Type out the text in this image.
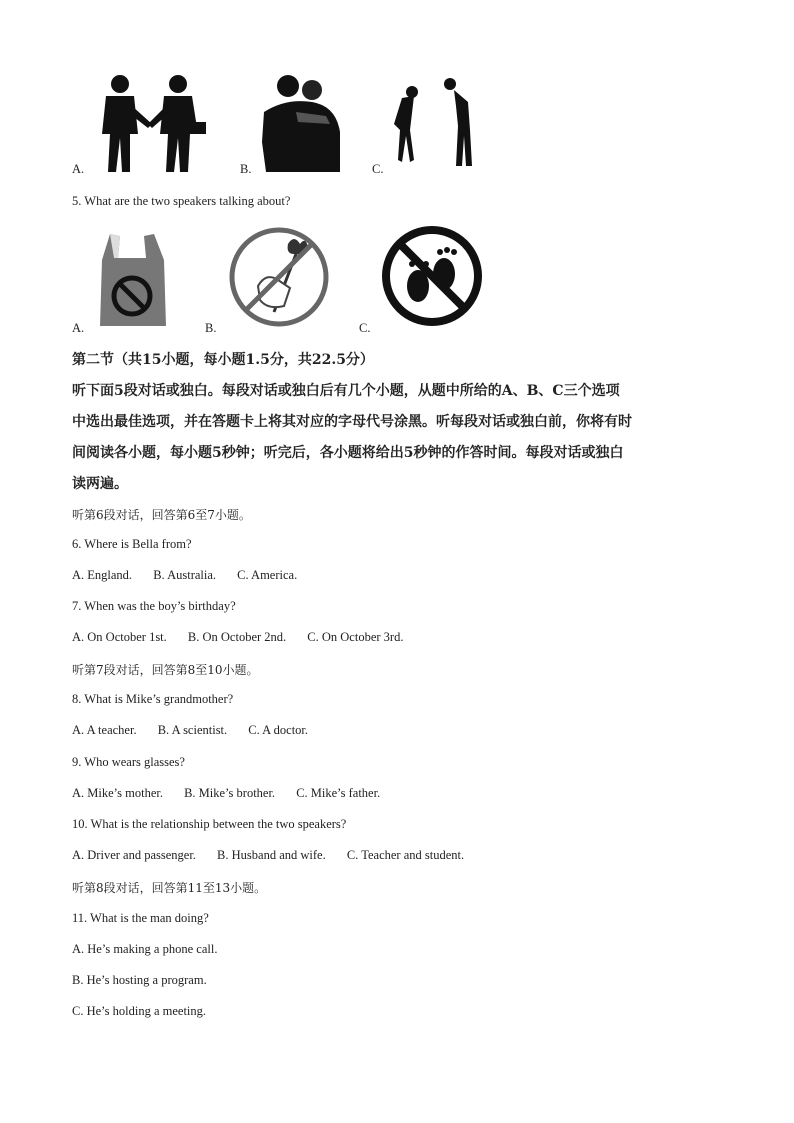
A.	B.	C.
5. What are the two speakers talking about?
A.	B.	C.
第二节（共15小题，每小题1.5分，共22.5分）
听下面5段对话或独白。每段对话或独白后有几个小题，从题中所给的A、B、C三个选项
中选出最佳选项，并在答题卡上将其对应的字母代号涂黑。听每段对话或独白前，你将有时
间阅读各小题，每小题5秒钟；听完后，各小题将给出5秒钟的作答时间。每段对话或独白
读两遍。
听第6段对话，回答第6至7小题。
6. Where is Bella from?
A. England. B. Australia. C. America.
7. When was the boy’s birthday?
A. On October 1st. B. On October 2nd. C. On October 3rd.
听第7段对话，回答第8至10小题。
8. What is Mike’s grandmother?
A. A teacher. B. A scientist. C. A doctor.
9. Who wears glasses?
A. Mike’s mother. B. Mike’s brother. C. Mike’s father.
10. What is the relationship between the two speakers?
A. Driver and passenger. B. Husband and wife. C. Teacher and student.
听第8段对话，回答第11至13小题。
11. What is the man doing?
A. He’s making a phone call.
B. He’s hosting a program.
C. He’s holding a meeting.
